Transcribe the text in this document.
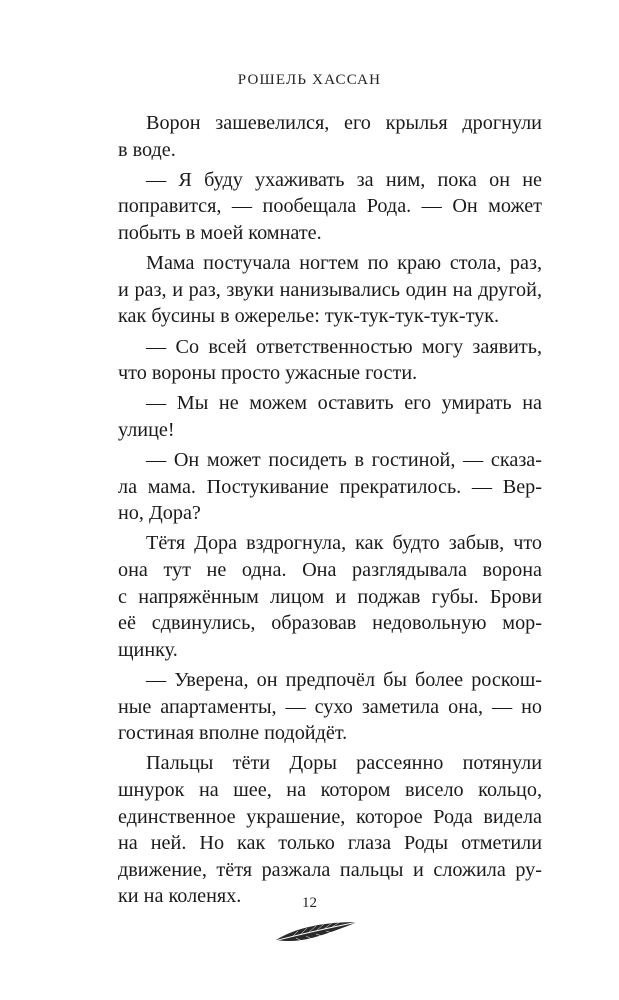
РОШЕЛЬ ХАССАН
Ворон зашевелился, его крылья дрогнули
в воде.
— Я буду ухаживать за ним, пока он не
поправится, — пообещала Рода. — Он может
побыть в моей комнате.
Мама постучала ногтем по краю стола, раз,
и раз, и раз, звуки нанизывались один на другой,
как бусины в ожерелье: тук-тук-тук-тук-тук.
— Со всей ответственностью могу заявить,
что вороны просто ужасные гости.
— Мы не можем оставить его умирать на
улице!
— Он может посидеть в гостиной, — сказа-
ла мама. Постукивание прекратилось. — Вер-
но, Дора?
Тётя Дора вздрогнула, как будто забыв, что
она тут не одна. Она разглядывала ворона
с напряжённым лицом и поджав губы. Брови
её сдвинулись, образовав недовольную мор-
щинку.
— Уверена, он предпочёл бы более роскош-
ные апартаменты, — сухо заметила она, — но
гостиная вполне подойдёт.
Пальцы тёти Доры рассеянно потянули
шнурок на шее, на котором висело кольцо,
единственное украшение, которое Рода видела
на ней. Но как только глаза Роды отметили
движение, тётя разжала пальцы и сложила ру-
ки на коленях.	12
